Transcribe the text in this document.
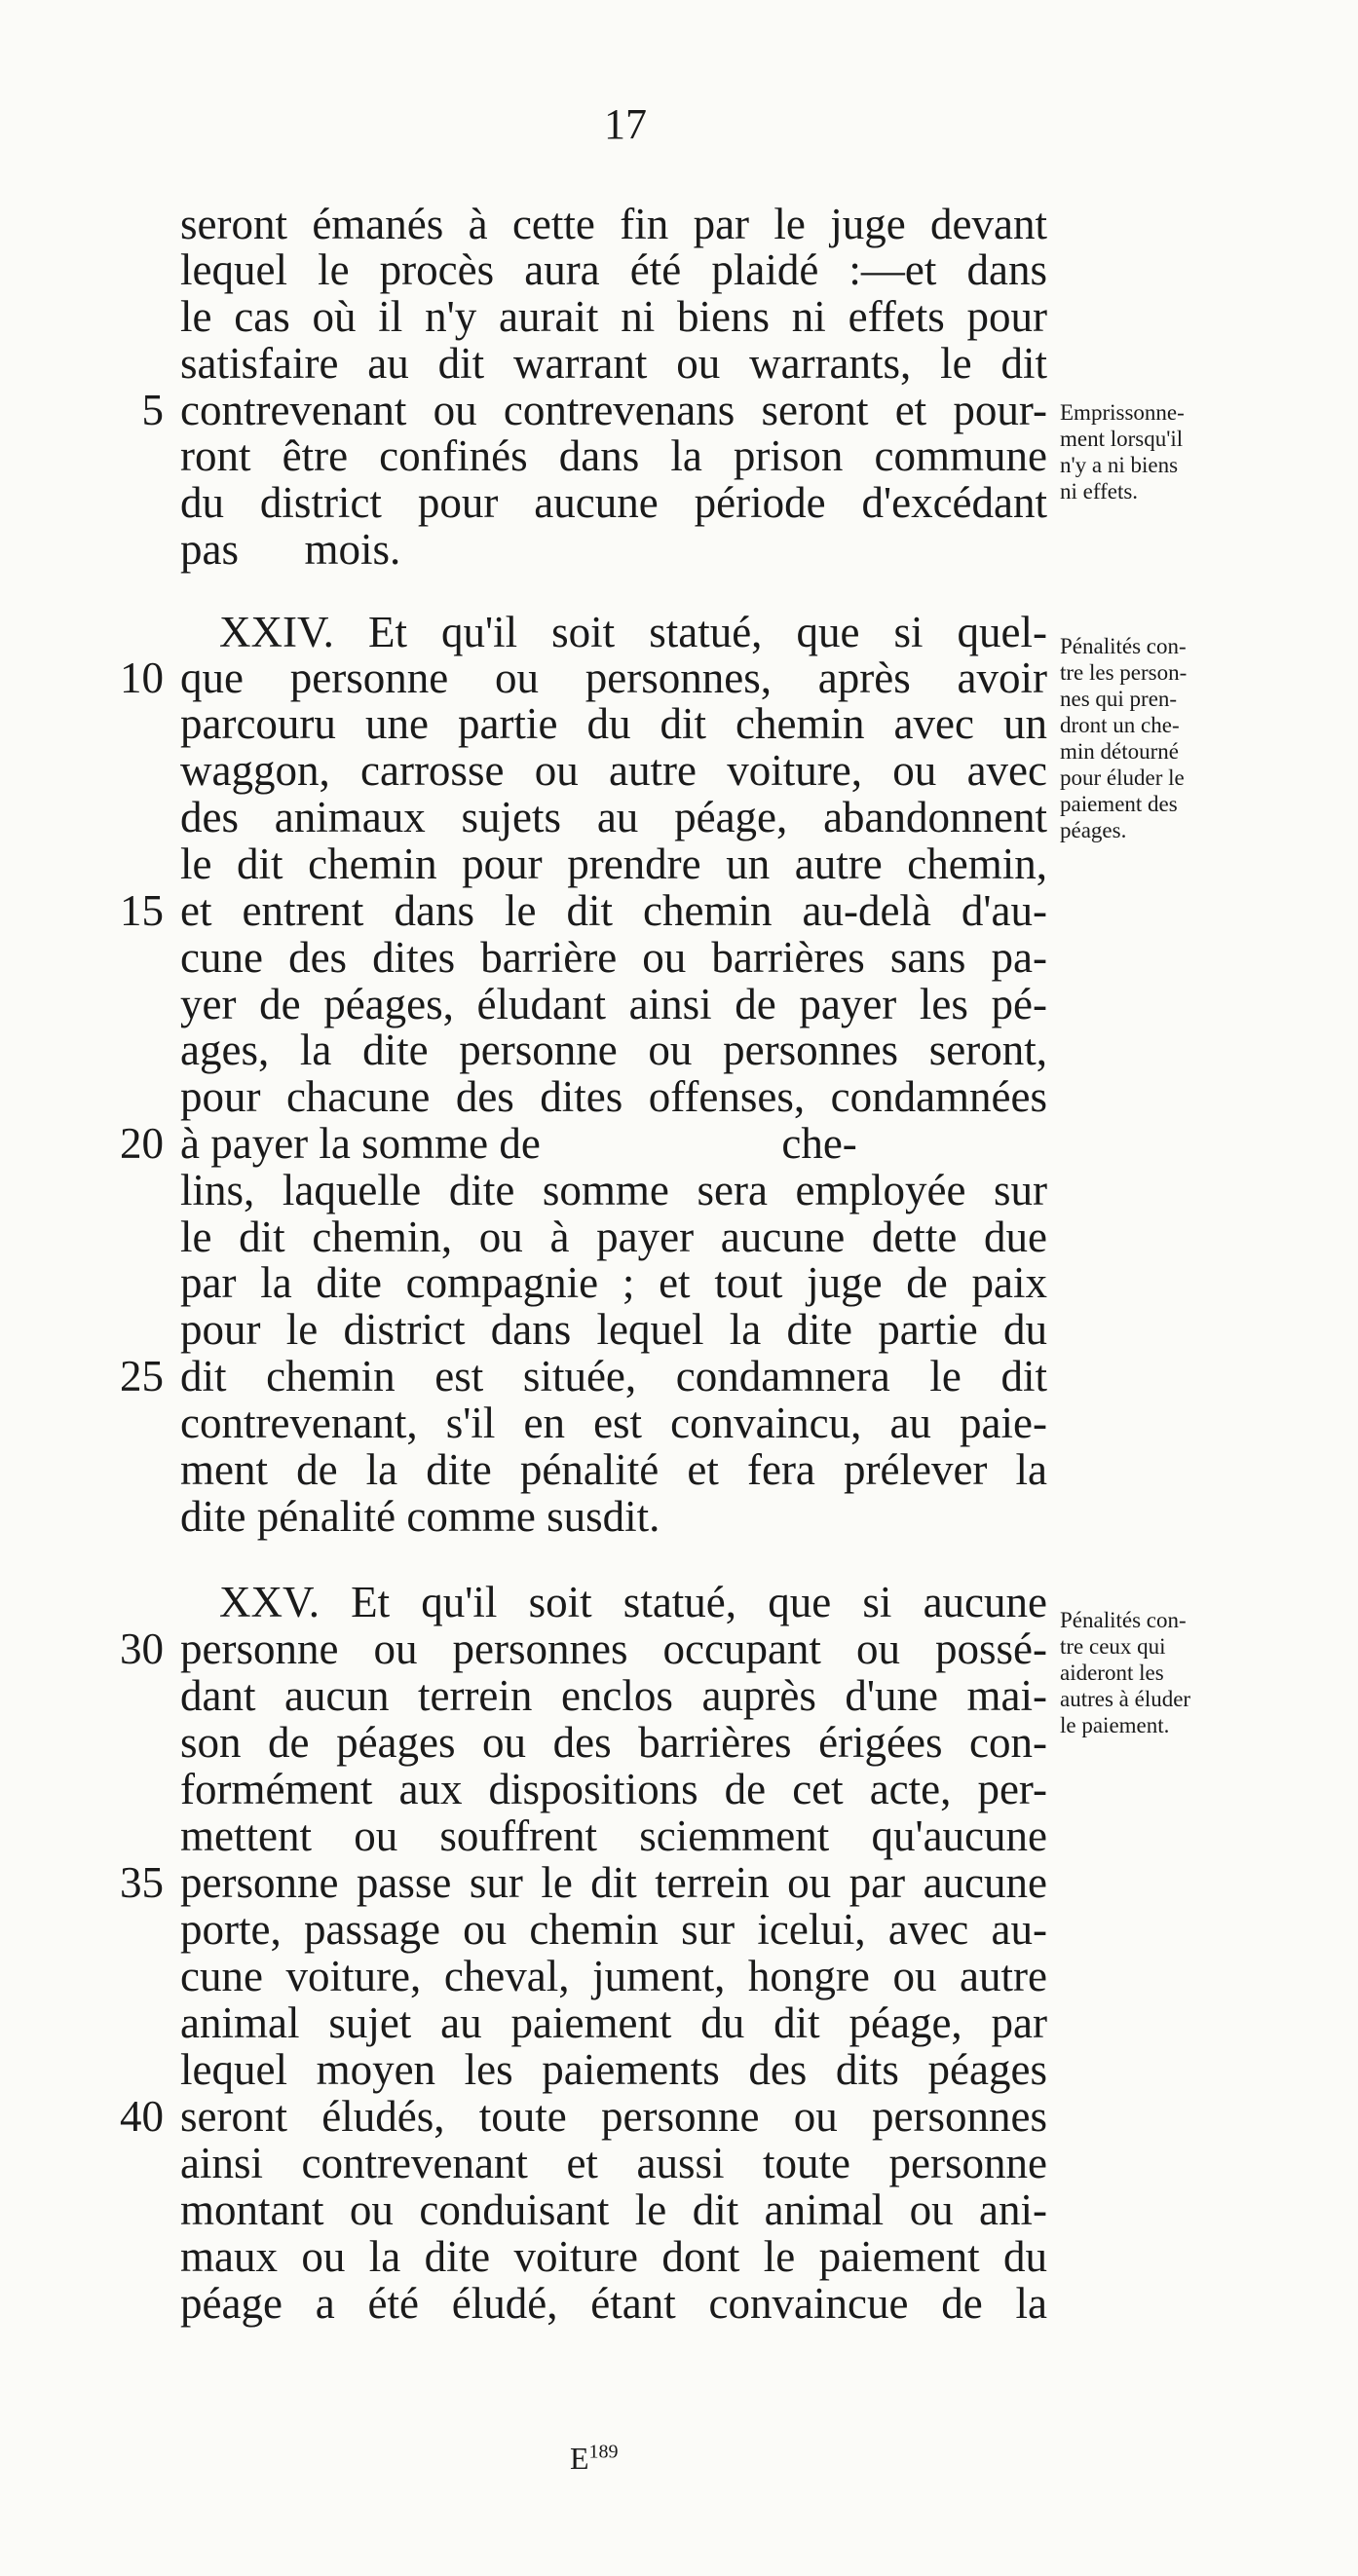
17
seront émanés à cette fin par le juge devant
lequel le procès aura été plaidé :—et dans
le cas où il n'y aurait ni biens ni effets pour
satisfaire au dit warrant ou warrants, le dit
contrevenant ou contrevenans seront et pour-
ront être confinés dans la prison commune
du district pour aucune période d'excédant
pas      mois.
XXIV. Et qu'il soit statué, que si quel-
que personne ou personnes, après avoir
parcouru une partie du dit chemin avec un
waggon, carrosse ou autre voiture, ou avec
des animaux sujets au péage, abandonnent
le dit chemin pour prendre un autre chemin,
et entrent dans le dit chemin au-delà d'au-
cune des dites barrière ou barrières sans pa-
yer de péages, éludant ainsi de payer les pé-
ages, la dite personne ou personnes seront,
pour chacune des dites offenses, condamnées
à payer la somme de                      che-
lins, laquelle dite somme sera employée sur
le dit chemin, ou à payer aucune dette due
par la dite compagnie ; et tout juge de paix
pour le district dans lequel la dite partie du
dit chemin est située, condamnera le dit
contrevenant, s'il en est convaincu, au paie-
ment de la dite pénalité et fera prélever la
dite pénalité comme susdit.
XXV. Et qu'il soit statué, que si aucune
personne ou personnes occupant ou possé-
dant aucun terrein enclos auprès d'une mai-
son de péages ou des barrières érigées con-
formément aux dispositions de cet acte, per-
mettent ou souffrent sciemment qu'aucune
personne passe sur le dit terrein ou par aucune
porte, passage ou chemin sur icelui, avec au-
cune voiture, cheval, jument, hongre ou autre
animal sujet au paiement du dit péage, par
lequel moyen les paiements des dits péages
seront éludés, toute personne ou personnes
ainsi contrevenant et aussi toute personne
montant ou conduisant le dit animal ou ani-
maux ou la dite voiture dont le paiement du
péage a été éludé, étant convaincue de la
5
10
15
20
25
30
35
40
Emprissonne-
ment lorsqu'il
n'y a ni biens
ni effets.
Pénalités con-
tre les person-
nes qui pren-
dront un che-
min détourné
pour éluder le
paiement des
péages.
Pénalités con-
tre ceux qui
aideront les
autres à éluder
le paiement.
$E^{189}$
